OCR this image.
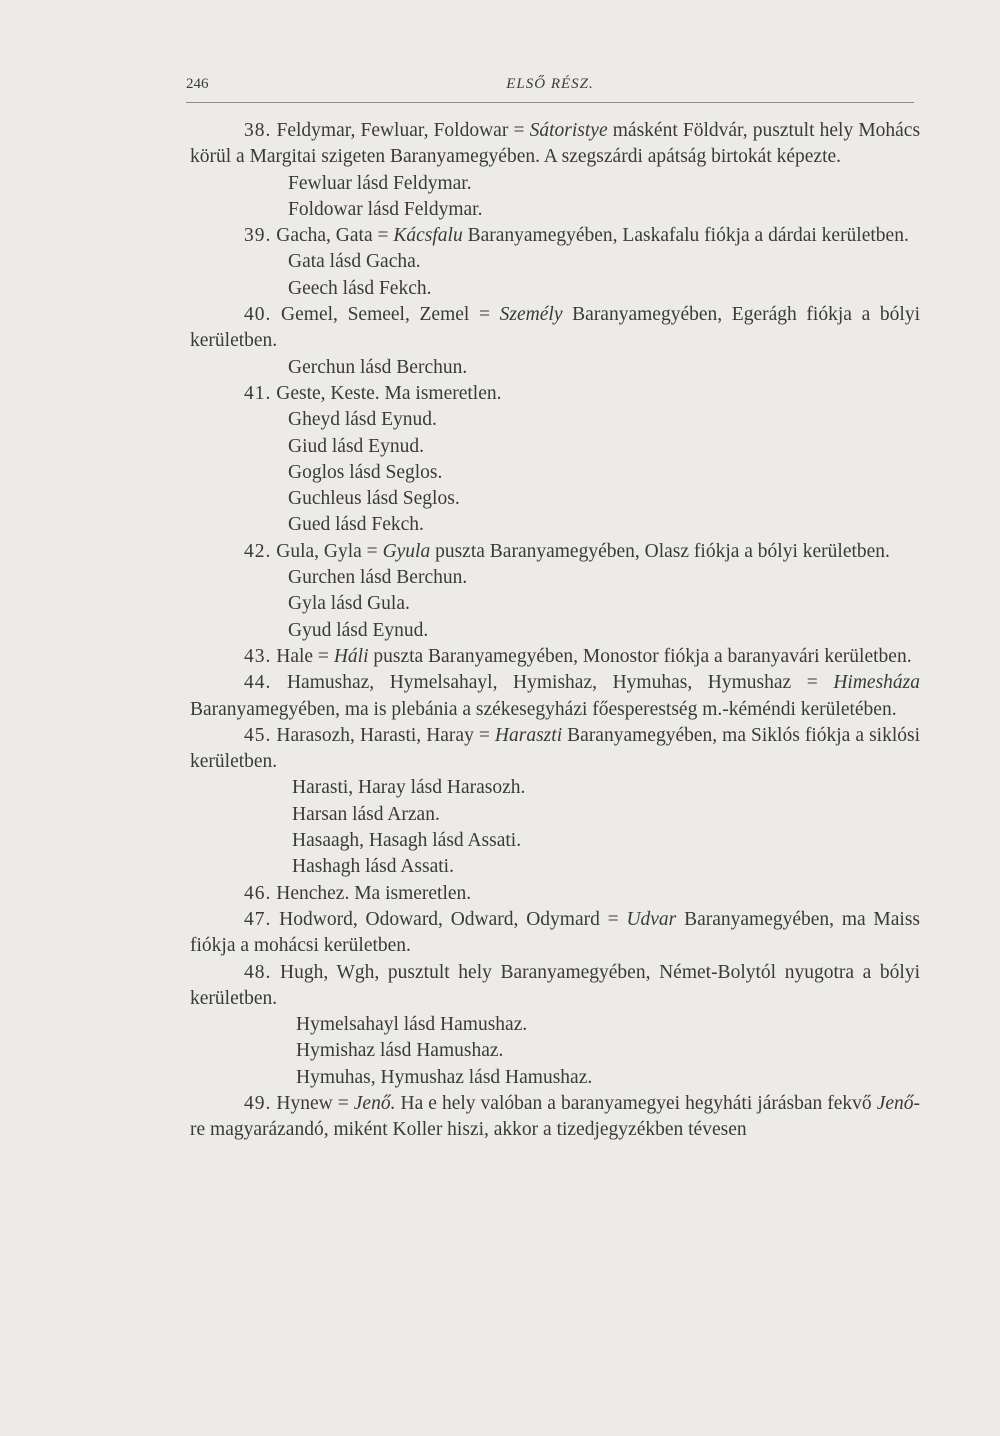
246	ELSŐ RÉSZ.
38. Feldymar, Fewluar, Foldowar = Sátoristye másként Földvár, pusztult hely Mohács körül a Margitai szigeten Baranyamegyében. A szegszárdi apátság birtokát képezte.
Fewluar lásd Feldymar.
Foldowar lásd Feldymar.
39. Gacha, Gata = Kácsfalu Baranyamegyében, Laskafalu fiókja a dárdai kerületben.
Gata lásd Gacha.
Geech lásd Fekch.
40. Gemel, Semeel, Zemel = Személy Baranyamegyében, Egerágh fiókja a bólyi kerületben.
Gerchun lásd Berchun.
41. Geste, Keste. Ma ismeretlen.
Gheyd lásd Eynud.
Giud lásd Eynud.
Goglos lásd Seglos.
Guchleus lásd Seglos.
Gued lásd Fekch.
42. Gula, Gyla = Gyula puszta Baranyamegyében, Olasz fiókja a bólyi kerületben.
Gurchen lásd Berchun.
Gyla lásd Gula.
Gyud lásd Eynud.
43. Hale = Háli puszta Baranyamegyében, Monostor fiókja a baranyavári kerületben.
44. Hamushaz, Hymelsahayl, Hymishaz, Hymuhas, Hymushaz = Himesháza Baranyamegyében, ma is plebánia a székesegyházi főesperestség m.-kéméndi kerületében.
45. Harasozh, Harasti, Haray = Haraszti Baranyamegyében, ma Siklós fiókja a siklósi kerületben.
Harasti, Haray lásd Harasozh.
Harsan lásd Arzan.
Hasaagh, Hasagh lásd Assati.
Hashagh lásd Assati.
46. Henchez. Ma ismeretlen.
47. Hodword, Odoward, Odward, Odymard = Udvar Baranyamegyében, ma Maiss fiókja a mohácsi kerületben.
48. Hugh, Wgh, pusztult hely Baranyamegyében, Német-Bolytól nyugotra a bólyi kerületben.
Hymelsahayl lásd Hamushaz.
Hymishaz lásd Hamushaz.
Hymuhas, Hymushaz lásd Hamushaz.
49. Hynew = Jenő. Ha e hely valóban a baranyamegyei hegyháti járásban fekvő Jenő-re magyarázandó, miként Koller hiszi, akkor a tizedjegyzékben tévesen
